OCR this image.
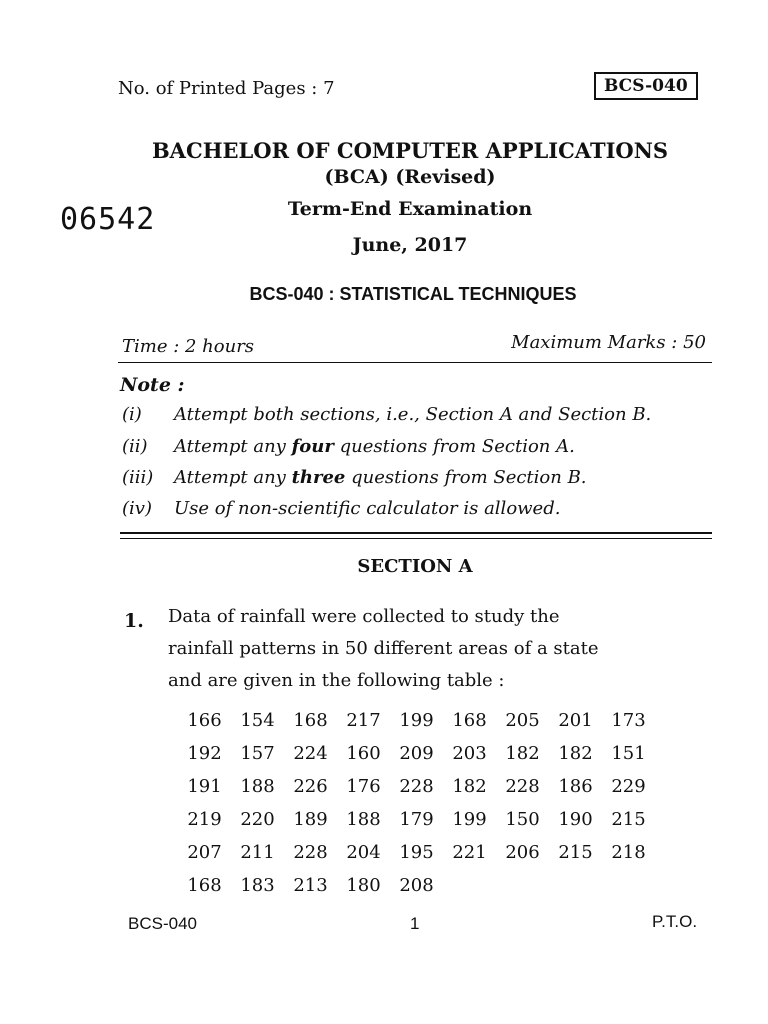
No. of Printed Pages : 7	BCS-040
BACHELOR OF COMPUTER APPLICATIONS
(BCA) (Revised)
06542	Term-End Examination
June, 2017
BCS-040 : STATISTICAL TECHNIQUES
Time : 2 hours	Maximum Marks : 50
Note :
(i) Attempt both sections, i.e., Section A and Section B.
(ii) Attempt any four questions from Section A.
(iii) Attempt any three questions from Section B.
(iv) Use of non-scientific calculator is allowed.
SECTION A
1. Data of rainfall were collected to study the
rainfall patterns in 50 different areas of a state
and are given in the following table :
166	154	168	217	199	168	205	201	173
192	157	224	160	209	203	182	182	151
191	188	226	176	228	182	228	186	229
219	220	189	188	179	199	150	190	215
207	211	228	204	195	221	206	215	218
168	183	213	180	208				
BCS-040	1	P.T.O.
